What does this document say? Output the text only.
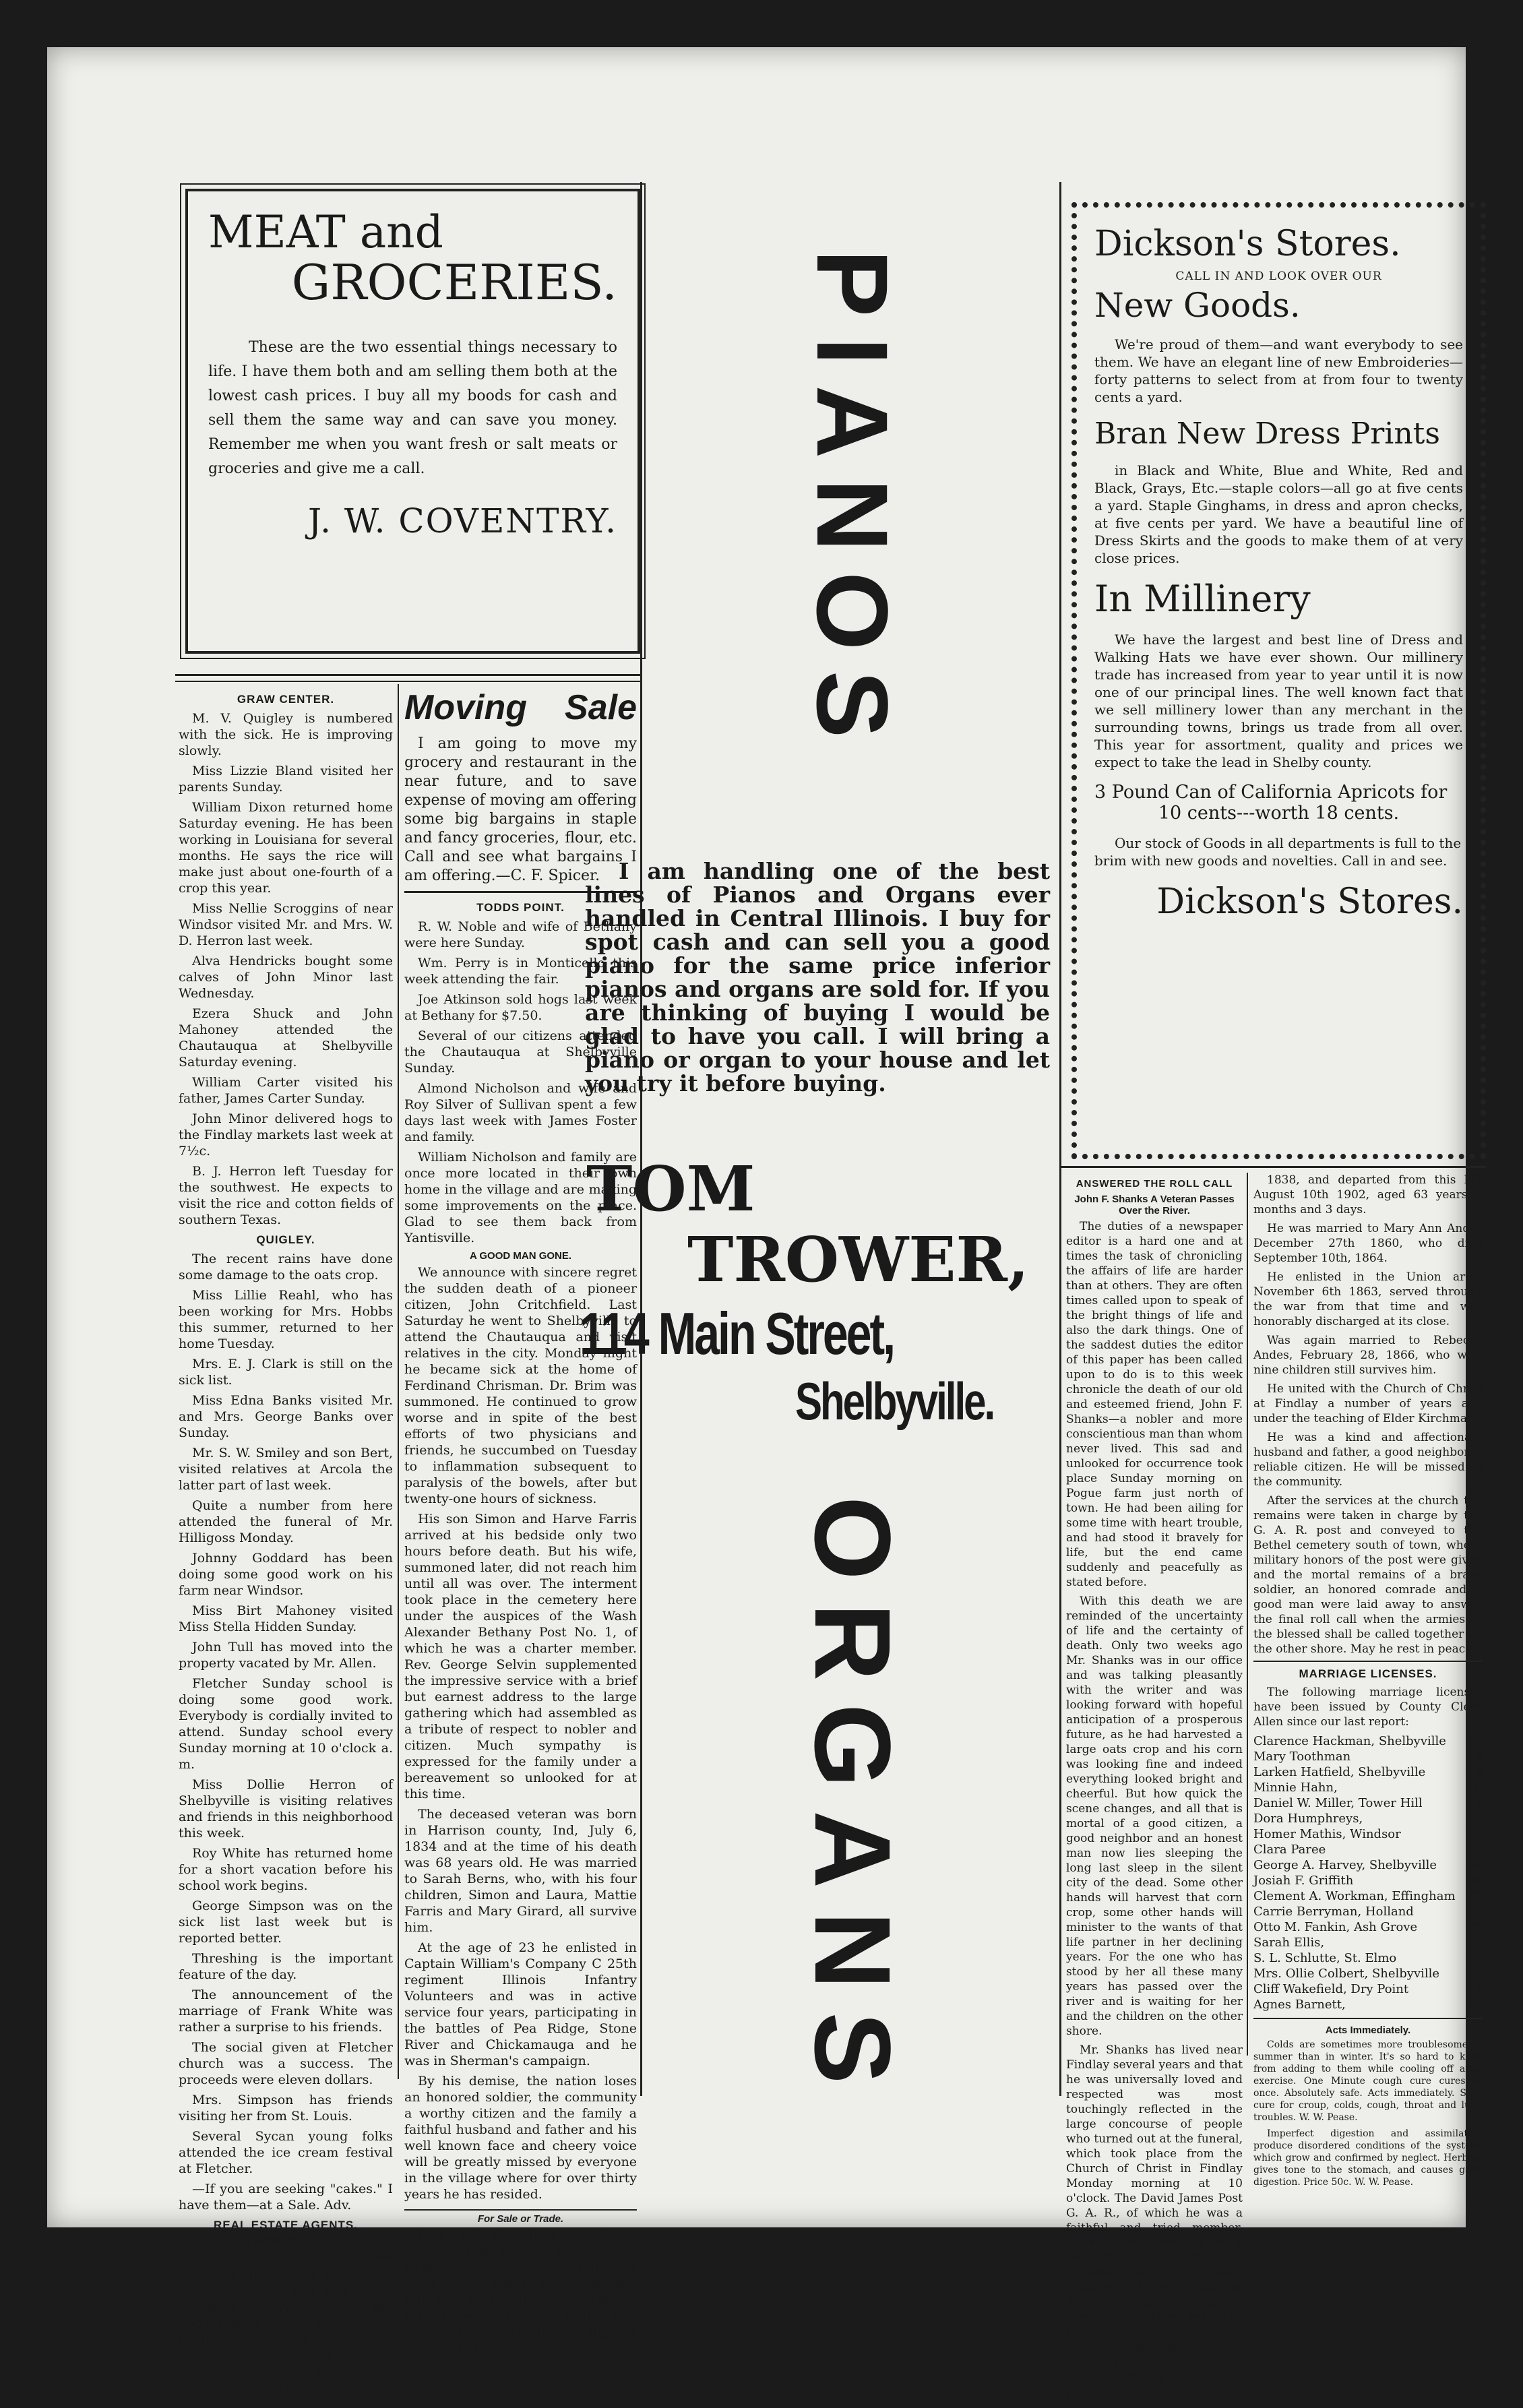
MEAT and
GROCERIES.

These are the two essential things necessary to life. I have them both and am selling them both at the lowest cash prices. I buy all my boods for cash and sell them the same way and can save you money. Remember me when you want fresh or salt meats or groceries and give me a call.

J. W. COVENTRY.
GRAW CENTER.

M. V. Quigley is numbered with the sick. He is improving slowly.

Miss Lizzie Bland visited her parents Sunday.

William Dixon returned home Saturday evening. He has been working in Louisiana for several months. He says the rice will make just about one-fourth of a crop this year.

Miss Nellie Scroggins of near Windsor visited Mr. and Mrs. W. D. Herron last week.

Alva Hendricks bought some calves of John Minor last Wednesday.

Ezera Shuck and John Mahoney attended the Chautauqua at Shelbyville Saturday evening.

William Carter visited his father, James Carter Sunday.

John Minor delivered hogs to the Findlay markets last week at 7½c.

B. J. Herron left Tuesday for the southwest. He expects to visit the rice and cotton fields of southern Texas.

QUIGLEY.

The recent rains have done some damage to the oats crop.

Miss Lillie Reahl, who has been working for Mrs. Hobbs this summer, returned to her home Tuesday.

Mrs. E. J. Clark is still on the sick list.

Miss Edna Banks visited Mr. and Mrs. George Banks over Sunday.

Mr. S. W. Smiley and son Bert, visited relatives at Arcola the latter part of last week.

Quite a number from here attended the funeral of Mr. Hilligoss Monday.

Johnny Goddard has been doing some good work on his farm near Windsor.

Miss Birt Mahoney visited Miss Stella Hidden Sunday.

John Tull has moved into the property vacated by Mr. Allen.

Fletcher Sunday school is doing some good work. Everybody is cordially invited to attend. Sunday school every Sunday morning at 10 o'clock a. m.

Miss Dollie Herron of Shelbyville is visiting relatives and friends in this neighborhood this week.

Roy White has returned home for a short vacation before his school work begins.

George Simpson was on the sick list last week but is reported better.

Threshing is the important feature of the day.

The announcement of the marriage of Frank White was rather a surprise to his friends.

The social given at Fletcher church was a success. The proceeds were eleven dollars.

Mrs. Simpson has friends visiting her from St. Louis.

Several Sycan young folks attended the ice cream festival at Fletcher.

—If you are seeking "cakes." I have them—at a Sale. Adv.

REAL ESTATE AGENTS.
A WORD TO YOU.

Do you want to know where the next great land boom will be, and where you can make plenty of money? If so, write the undersigned for a circular (telling "All about it."

J. F. Merry,
Ass't Gen'l Pass'r Agent
Illinois Central Railroad,
Dubuque, Ia.
Moving Sale

I am going to move my grocery and restaurant in the near future, and to save expense of moving am offering some big bargains in staple and fancy groceries, flour, etc. Call and see what bargains I am offering.—C. F. Spicer.

TODDS POINT.

R. W. Noble and wife of Bethany were here Sunday.

Wm. Perry is in Monticello this week attending the fair.

Joe Atkinson sold hogs last week at Bethany for $7.50.

Several of our citizens attended the Chautauqua at Shelbyville Sunday.

Almond Nicholson and wife and Roy Silver of Sullivan spent a few days last week with James Foster and family.

William Nicholson and family are once more located in their own home in the village and are making some improvements on the place. Glad to see them back from Yantisville.

A GOOD MAN GONE.

We announce with sincere regret the sudden death of a pioneer citizen, John Critchfield. Last Saturday he went to Shelbyville to attend the Chautauqua and visit relatives in the city. Monday night he became sick at the home of Ferdinand Chrisman. Dr. Brim was summoned. He continued to grow worse and in spite of the best efforts of two physicians and friends, he succumbed on Tuesday to inflammation subsequent to paralysis of the bowels, after but twenty-one hours of sickness.

His son Simon and Harve Farris arrived at his bedside only two hours before death. But his wife, summoned later, did not reach him until all was over. The interment took place in the cemetery here under the auspices of the Wash Alexander Bethany Post No. 1, of which he was a charter member. Rev. George Selvin supplemented the impressive service with a brief but earnest address to the large gathering which had assembled as a tribute of respect to nobler and citizen. Much sympathy is expressed for the family under a bereavement so unlooked for at this time.

The deceased veteran was born in Harrison county, Ind, July 6, 1834 and at the time of his death was 68 years old. He was married to Sarah Berns, who, with his four children, Simon and Laura, Mattie Farris and Mary Girard, all survive him.

At the age of 23 he enlisted in Captain William's Company C 25th regiment Illinois Infantry Volunteers and was in active service four years, participating in the battles of Pea Ridge, Stone River and Chickamauga and he was in Sherman's campaign.

By his demise, the nation loses an honored soldier, the community a worthy citizen and the family a faithful husband and father and his well known face and cheery voice will be greatly missed by everyone in the village where for over thirty years he has resided.

For Sale or Trade.

One of the best residence properties in Findlay. Good house with cellar, cistern, etc. Lot fruit trees, and other improvements. Will take part cash and part trade. What have you to offer? Call at this office for particulars. Biggest bargain in town.

PIANOS
I am handling one of the best lines of Pianos and Organs ever handled in Central Illinois. I buy for spot cash and can sell you a good piano for the same price inferior pianos and organs are sold for. If you are thinking of buying I would be glad to have you call. I will bring a piano or organ to your house and let you try it before buying.
TOM
TROWER,
114 Main Street,
Shelbyville.
ORGANS
Dickson's Stores.
CALL IN AND LOOK OVER OUR
New Goods.

We're proud of them—and want everybody to see them. We have an elegant line of new Embroideries—forty patterns to select from at from four to twenty cents a yard.

Bran New Dress Prints

in Black and White, Blue and White, Red and Black, Grays, Etc.—staple colors—all go at five cents a yard. Staple Ginghams, in dress and apron checks, at five cents per yard. We have a beautiful line of Dress Skirts and the goods to make them of at very close prices.

In Millinery

We have the largest and best line of Dress and Walking Hats we have ever shown. Our millinery trade has increased from year to year until it is now one of our principal lines. The well known fact that we sell millinery lower than any merchant in the surrounding towns, brings us trade from all over. This year for assortment, quality and prices we expect to take the lead in Shelby county.

3 Pound Can of California Apricots for
10 cents---worth 18 cents.

Our stock of Goods in all departments is full to the brim with new goods and novelties. Call in and see.

Dickson's Stores.
ANSWERED THE ROLL CALL
John F. Shanks A Veteran Passes Over the River.

The duties of a newspaper editor is a hard one and at times the task of chronicling the affairs of life are harder than at others. They are often times called upon to speak of the bright things of life and also the dark things. One of the saddest duties the editor of this paper has been called upon to do is to this week chronicle the death of our old and esteemed friend, John F. Shanks—a nobler and more conscientious man than whom never lived. This sad and unlooked for occurrence took place Sunday morning on Pogue farm just north of town. He had been ailing for some time with heart trouble, and had stood it bravely for life, but the end came suddenly and peacefully as stated before.

With this death we are reminded of the uncertainty of life and the certainty of death. Only two weeks ago Mr. Shanks was in our office and was talking pleasantly with the writer and was looking forward with hopeful anticipation of a prosperous future, as he had harvested a large oats crop and his corn was looking fine and indeed everything looked bright and cheerful. But how quick the scene changes, and all that is mortal of a good citizen, a good neighbor and an honest man now lies sleeping the long last sleep in the silent city of the dead. Some other hands will harvest that corn crop, some other hands will minister to the wants of that life partner in her declining years. For the one who has stood by her all these many years has passed over the river and is waiting for her and the children on the other shore.

Mr. Shanks has lived near Findlay several years and that he was universally loved and respected was most touchingly reflected in the large concourse of people who turned out at the funeral, which took place from the Church of Christ in Findlay Monday morning at 10 o'clock. The David James Post G. A. R., of which he was a faithful and tried member, attended the services in a body. The church edifice was crowded with sorrowing relatives and friends. Elder W. A. Bates spoke words of comfort and then read the following

OBITUARY.

John Franklin Shanks was born in Shelby county, Ill. December 7th,

1838, and departed from this life August 10th 1902, aged 63 years 8 months and 3 days.

He was married to Mary Ann Andes December 27th 1860, who died September 10th, 1864.

He enlisted in the Union army November 6th 1863, served through the war from that time and was honorably discharged at its close.

Was again married to Rebecca Andes, February 28, 1866, who with nine children still survives him.

He united with the Church of Christ at Findlay a number of years ago under the teaching of Elder Kirchman.

He was a kind and affectionate husband and father, a good neighbor, a reliable citizen. He will be missed in the community.

After the services at the church the remains were taken in charge by the G. A. R. post and conveyed to the Bethel cemetery south of town, where military honors of the post were given and the mortal remains of a brave soldier, an honored comrade and a good man were laid away to answer the final roll call when the armies of the blessed shall be called together on the other shore. May he rest in peace.

MARRIAGE LICENSES.

The following marriage licenses have been issued by County Clerk Allen since our last report:

Clarence Hackman, Shelbyville 22
Mary Toothman	19
Larken Hatfield, Shelbyville	24
Minnie Hahn,	16
Daniel W. Miller, Tower Hill	21
Dora Humphreys,	18
Homer Mathis, Windsor	21
Clara Paree	18
George A. Harvey, Shelbyville 34
Josiah F. Griffith	36
Clement A. Workman, Effingham 27
Carrie Berryman, Holland	17
Otto M. Fankin, Ash Grove	27
Sarah Ellis,	18
S. L. Schlutte, St. Elmo	53
Mrs. Ollie Colbert, Shelbyville 45
Cliff Wakefield, Dry Point	21
Agnes Barnett,	22
Acts Immediately.

Colds are sometimes more troublesome in summer than in winter. It's so hard to keep from adding to them while cooling off after exercise. One Minute cough cure cures at once. Absolutely safe. Acts immediately. Sure cure for croup, colds, cough, throat and lung troubles. W. W. Pease.

Imperfect digestion and assimilation produce disordered conditions of the system, which grow and confirmed by neglect. Herbine gives tone to the stomach, and causes good digestion. Price 50c. W. W. Pease.
